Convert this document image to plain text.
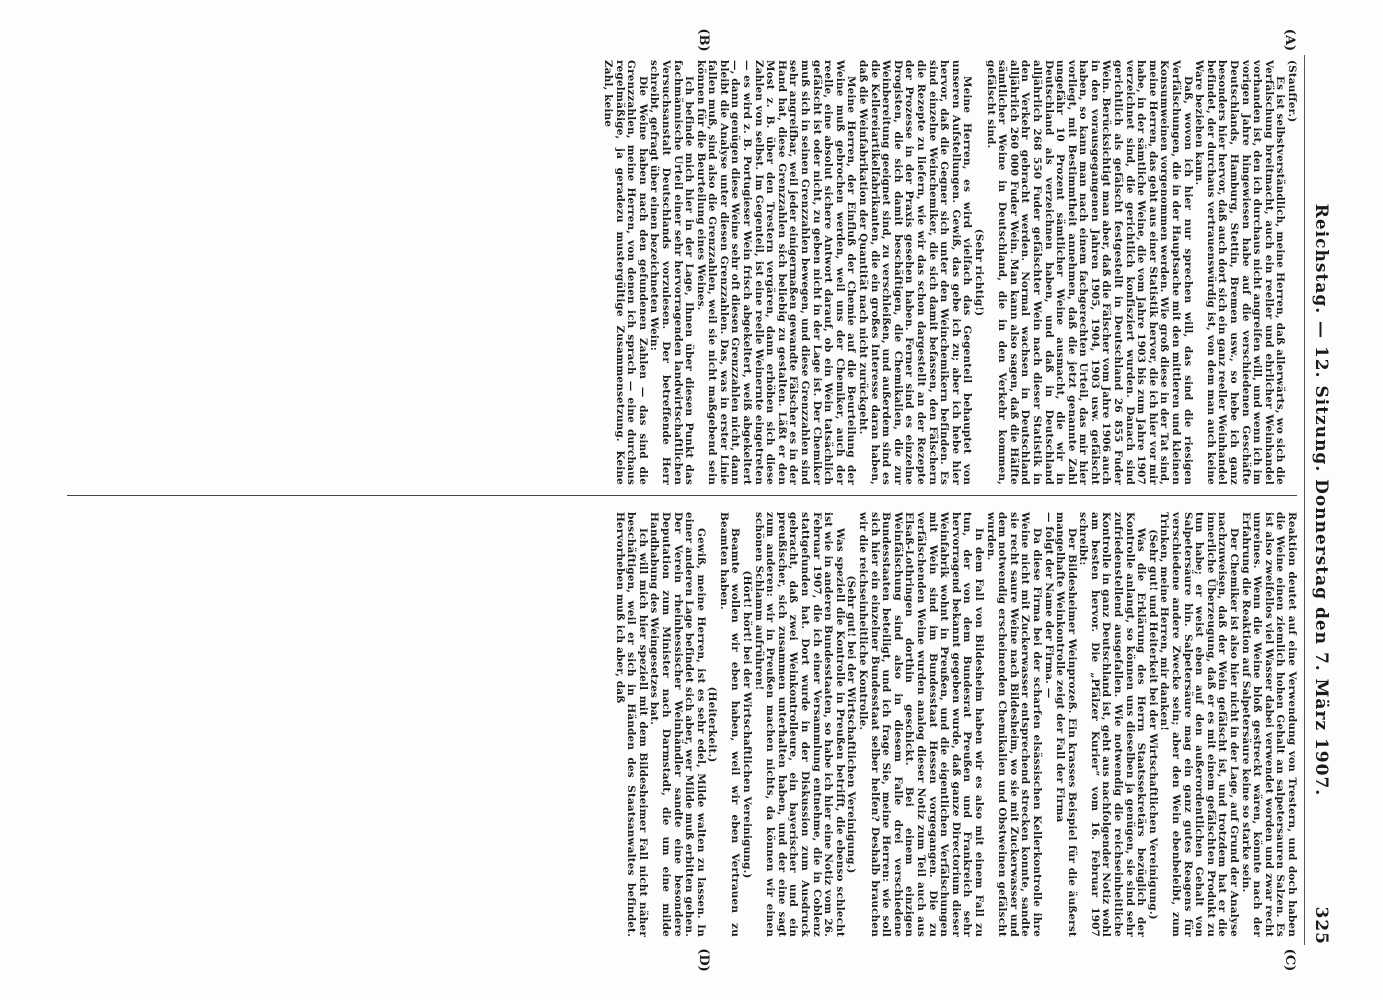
Reichstag. — 12. Sitzung. Donnerstag den 7. März 1907.
325
(A)
(B)
(C)
(D)

(Stauffer.)

Es ist selbstverständlich, meine Herren, daß allerwärts, wo sich die Verfälschung breitmacht, auch ein reeller und ehrlicher Weinhandel vorhanden ist, den ich durchaus nicht angreifen will, und wenn ich im vorigen Jahre hingewiesen habe auf die verschiedenen Geschäfte Deutschlands, Hamburg, Stettin, Bremen usw., so hebe ich ganz besonders hier hervor, daß auch dort sich ein ganz reeller Weinhandel befindet, der durchaus vertrauenswürdig ist, von dem man auch keine Ware beziehen kann.

Daß, wovon ich hier nur sprechen will, das sind die riesigen Verfälschungen, die in der Hauptsache mit den mittleren und kleinen Konsumweinen vorgenommen werden. Wie groß diese in der Tat sind, meine Herren, das geht aus einer Statistik hervor, die ich hier vor mir habe, in der sämtliche Weine, die vom Jahre 1903 bis zum Jahre 1907 verzeichnet sind, die gerichtlich konfisziert wurden. Danach sind gerichtlich als gefälscht festgestellt in Deutschland 26 855 Fuder Wein. Berücksichtigt man aber, daß die Fälscher vom Jahre 1906 auch in den vorausgegangenen Jahren 1905, 1904, 1903 usw. gefälscht haben, so kann man nach einem fachgerechten Urteil, das mir hier vorliegt, mit Bestimmtheit annehmen, daß die jetzt genannte Zahl ungefähr 10 Prozent sämtlicher Weine ausmacht, die wir in Deutschland als verzeichnen haben, und daß in Deutschland alljährlich 268 550 Fuder gefälschter Wein nach dieser Statistik in den Verkehr gebracht werden. Normal wachsen in Deutschland alljährlich 260 000 Fuder Wein. Man kann also sagen, daß die Hälfte sämtlicher Weine in Deutschland, die in den Verkehr kommen, gefälscht sind.

(Sehr richtig!)

Meine Herren, es wird vielfach das Gegenteil behauptet von unseren Aufstellungen. Gewiß, das gebe ich zu; aber ich hebe hier hervor, daß die Gegner sich unter den Weinchemikern befinden. Es sind einzelne Weinchemiker, die sich damit befassen, den Fälschern die Rezepte zu liefern, wie wir das schon dargestellt an der Rezepte der Prozesse in der Praxis gesehen haben. Ferner sind es einzelne Drogisten, die sich damit beschäftigen, die Chemikalien, die zur Weinbereitung geeignet sind, zu verschleißen, und außerdem sind es die Kellereiartikelfabrikanten, die ein großes Interesse daran haben, daß die Weinfabrikation der Quantität nach nicht zurückgeht.

Meine Herren, der Einfluß der Chemie auf die Beurteilung der Weine muß gebrochen werden, weil uns der Chemiker, auch der reelle, eine absolut sichere Antwort darauf, ob ein Wein tatsächlich gefälscht ist oder nicht, zu geben nicht in der Lage ist. Der Chemiker muß sich in seinen Grenzzahlen bewegen, und diese Grenzzahlen sind sehr angreifbar, weil jeder einigermaßen gewandte Fälscher es in der Hand hat, diese Grenzzahlen sich beliebig zu gestalten. Läßt er den Most z. B. über den Trestern vergären, dann erhöhen sich diese Zahlen von selbst. Im Gegenteil, ist eine reelle Weinernte eingetreten — es wird z. B. Portugieser Wein frisch abgekeltert, weiß abgekeltert —, dann genügen diese Weine sehr oft diesen Grenzzahlen nicht, dann bleibt die Analyse unter diesen Grenzzahlen. Das, was in erster Linie fallen muß, sind also die Grenzzahlen, weil sie nicht maßgebend sein können für die Beurteilung eines Weines.

Ich befinde mich hier in der Lage, Ihnen über diesen Punkt das fachmännische Urteil einer sehr hervorragenden landwirtschaftlichen Versuchsanstalt Deutschlands vorzulesen. Der betreffende Herr schreibt, gefragt über einen bezeichneten Wein:

Die Weine haben nach den gefundenen Zahlen — das sind die Grenzzahlen, meine Herren, von denen ich sprach — eine durchaus regelmäßige, ja geradezu mustergültige Zusammensetzung. Keine Zahl, keine

Reaktion deutet auf eine Verwendung von Trestern, und doch haben die Weine einen ziemlich hohen Gehalt an salpetersauren Salzen. Es ist also zweifellos viel Wasser dabei verwendet worden und zwar recht unreines. Wenn die Weine bloß gestreckt wären, könnte nach der Erfahrung die Reaktion auf Salpetersäure keine so starke sein.

Der Chemiker ist also hier nicht in der Lage, auf Grund der Analyse nachzuweisen, daß der Wein gefälscht ist, und trotzdem hat er die innerliche Überzeugung, daß er es mit einem gefälschten Produkt zu tun habe; er weist eben auf den außerordentlichen Gehalt von Salpetersäure hin. Salpetersäure mag ein ganz gutes Reagens für verschiedene andere Zwecke sein; aber den Wein ebenbeleibt, zum Trinken, meine Herren, mir danken!

(Sehr gut! und Heiterkeit bei der Wirtschaftlichen Vereinigung.)

Was die Erklärung des Herrn Staatssekretärs bezüglich der Kontrolle anlangt, so können uns dieselben ja genügen, sie sind sehr zufriedenstellend ausgefallen. Wie notwendig die reichseinheitliche Kontrolle in ganz Deutschland ist, geht aus nachfolgender Notiz wohl am besten hervor. Die „Pfälzer Kurier“ vom 16. Februar 1907 schreibt:

Der Bildesheimer Weinprozeß. Ein krasses Beispiel für die äußerst mangelhafte Weinkontrolle zeigt der Fall der Firma

— folgt der Name der Firma. —

Da diese Firma bei der scharfen elsässischen Kellerkontrolle ihre Weine nicht mit Zuckerwasser entsprechend strecken konnte, sandte sie recht saure Weine nach Bildesheim, wo sie mit Zuckerwasser und dem notwendig erscheinenden Chemikalien und Obstweinen gefälscht wurden.

In dem Fall von Bildesheim haben wir es also mit einem Fall zu tun, der von dem Bundesrat Preußen und Frankreich sehr hervorragend bekannt gegeben wurde, daß ganze Directorium dieser Weinfabrik wohnt in Preußen, und die eigentlichen Verfälschungen mit Wein sind im Bundesstaat Hessen vorgegangen. Die zu verfälschenden Weine wurden analog dieser Notiz zum Teil auch aus Elsaß-Lothringen dorthin geschickt. Bei einem einzigen Weinfälschung sind also in diesem Falle drei verschiedene Bundesstaaten beteiligt, und ich frage Sie, meine Herren: wie soll sich hier ein einzelner Bundesstaat selber helfen? Deshalb brauchen wir die reichseinheitliche Kontrolle.

(Sehr gut! bei der Wirtschaftlichen Vereinigung.)

Was speziell die Kontrolle in Preußen betrifft, die ebenso schlecht ist wie in anderen Bundesstaaten, so habe ich hier eine Notiz vom 26. Februar 1907, die ich einer Versammlung entnehme, die in Coblenz stattgefunden hat. Dort wurde in der Diskussion zum Ausdruck gebracht, daß zwei Weinkontrolleure, ein bayerischer und ein preußischer, sich zusammen unterhalten haben, und der eine sagt zum anderen: wir in Preußen machen nichts, da können wir einen schönen Schlamm aufrühren!

(Hört! hört! bei der Wirtschaftlichen Vereinigung.)

Beamte wollen wir eben haben, weil wir eben Vertrauen zu Beamten haben.

(Heiterkeit.)

Gewiß, meine Herren, ist es sehr edel, Milde walten zu lassen. In einer anderen Lage befindet sich aber, wer Milde muß erbitten gehen. Der Verein rheinhessischer Weinhändler sandte eine besondere Deputation zum Minister nach Darmstadt, die um eine milde Handhabung des Weingesetzes bat.

Ich will mich hier speziell mit dem Bildesheimer Fall nicht näher beschäftigen, weil er sich in Händen des Staatsanwaltes befindet. Hervorheben muß ich aber, daß
